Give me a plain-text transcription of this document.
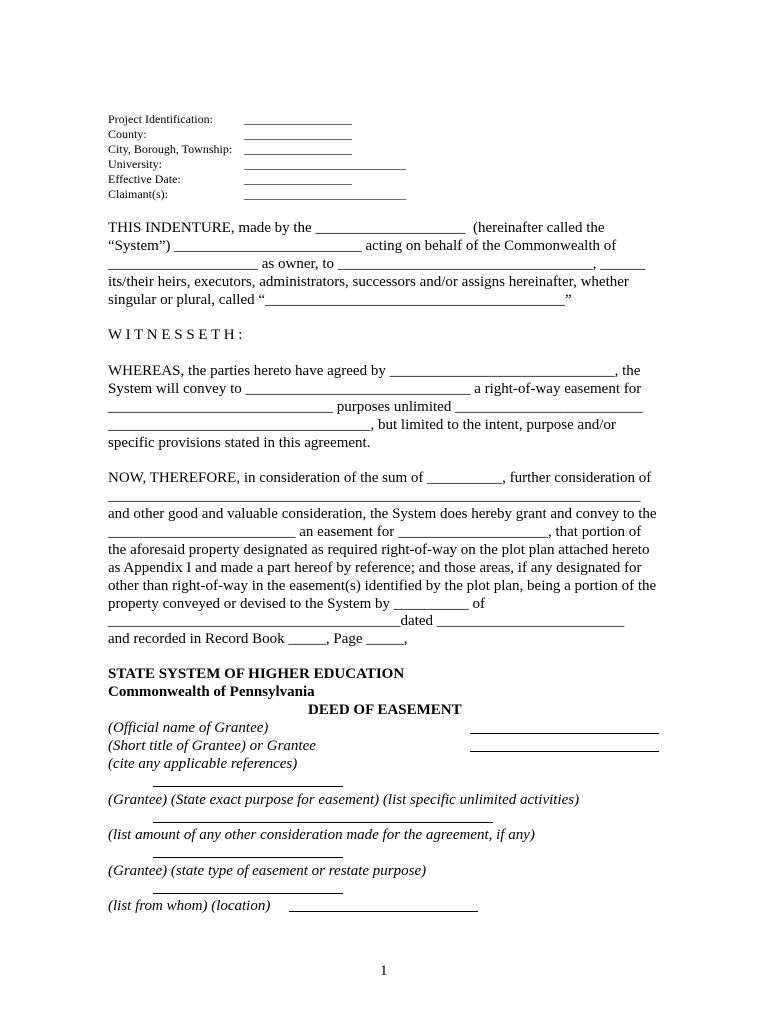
Project Identification:	__________________
County:	__________________
City, Borough, Township: __________________
University:	___________________________
Effective Date:	__________________
Claimant(s):	___________________________
THIS INDENTURE, made by the ____________________  (hereinafter called the
“System”) _________________________ acting on behalf of the Commonwealth of
____________________ as owner, to __________________________________, ______
its/their heirs, executors, administrators, successors and/or assigns hereinafter, whether
singular or plural, called “________________________________________”
W I T N E S S E T H :
WHEREAS, the parties hereto have agreed by ______________________________, the
System will convey to ______________________________ a right-of-way easement for
______________________________ purposes unlimited _________________________
___________________________________, but limited to the intent, purpose and/or
specific provisions stated in this agreement.
NOW, THEREFORE, in consideration of the sum of __________, further consideration of
_______________________________________________________________________
and other good and valuable consideration, the System does hereby grant and convey to the
_________________________ an easement for ____________________, that portion of
the aforesaid property designated as required right-of-way on the plot plan attached hereto
as Appendix I and made a part hereof by reference; and those areas, if any designated for
other than right-of-way in the easement(s) identified by the plot plan, being a portion of the
property conveyed or devised to the System by __________ of
_______________________________________dated _________________________
and recorded in Record Book _____, Page _____,
STATE SYSTEM OF HIGHER EDUCATION
Commonwealth of Pennsylvania
DEED OF EASEMENT
(Official name of Grantee)
(Short title of Grantee) or Grantee
(cite any applicable references)
(Grantee) (State exact purpose for easement) (list specific unlimited activities)
(list amount of any other consideration made for the agreement, if any)
(Grantee) (state type of easement or restate purpose)
(list from whom) (location)
1
